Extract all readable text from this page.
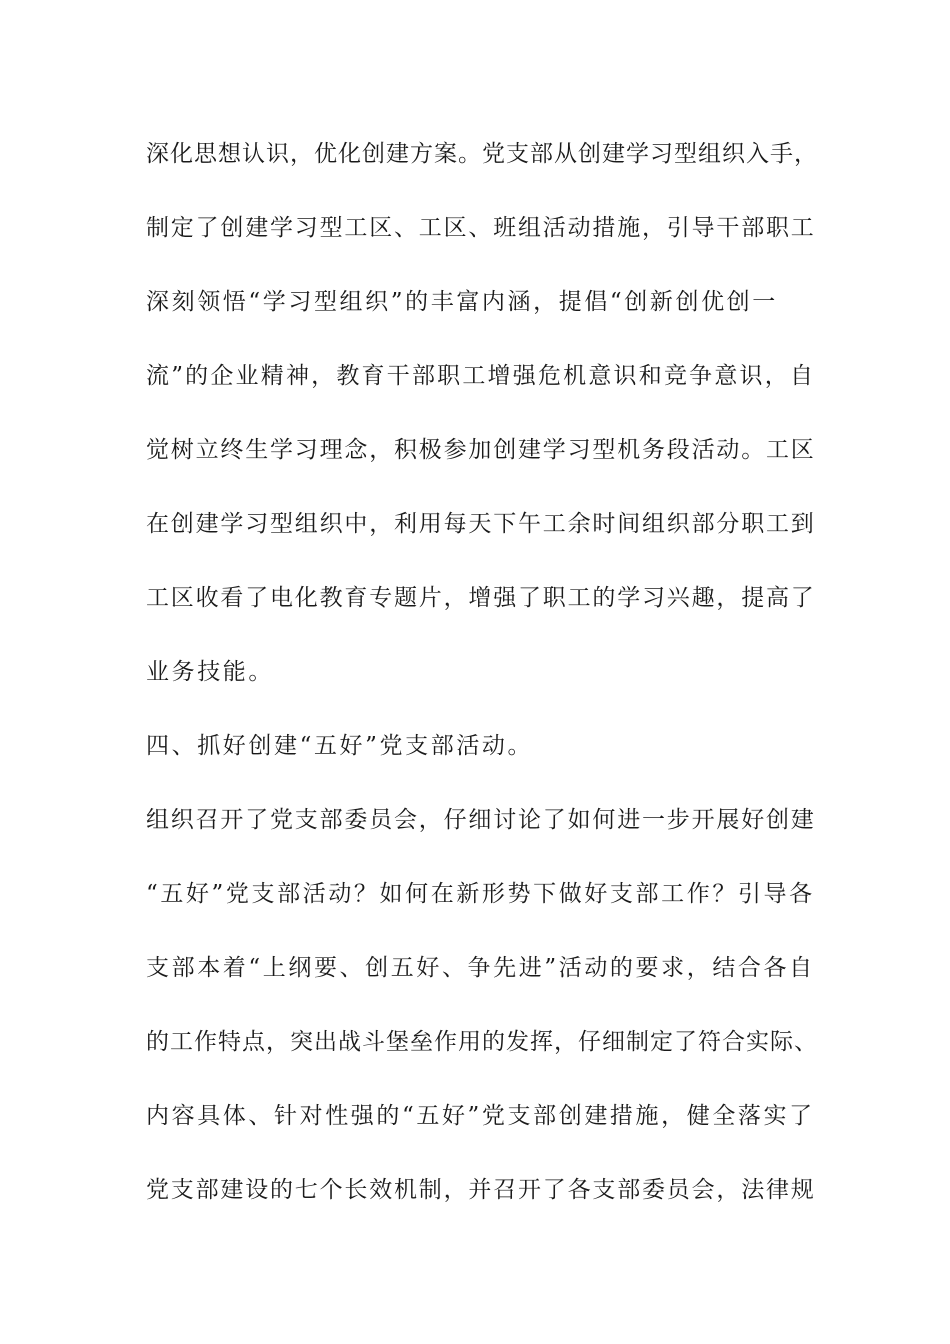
深化思想认识，优化创建方案。党支部从创建学习型组织入手，

制定了创建学习型工区、工区、班组活动措施，引导干部职工

深刻领悟“学习型组织”的丰富内涵，提倡“创新创优创一

流”的企业精神，教育干部职工增强危机意识和竞争意识，自

觉树立终生学习理念，积极参加创建学习型机务段活动。工区

在创建学习型组织中，利用每天下午工余时间组织部分职工到

工区收看了电化教育专题片，增强了职工的学习兴趣，提高了

业务技能。

四、抓好创建“五好”党支部活动。

组织召开了党支部委员会，仔细讨论了如何进一步开展好创建

“五好”党支部活动？如何在新形势下做好支部工作？引导各

支部本着“上纲要、创五好、争先进”活动的要求，结合各自

的工作特点，突出战斗堡垒作用的发挥，仔细制定了符合实际、

内容具体、针对性强的“五好”党支部创建措施，健全落实了

党支部建设的七个长效机制，并召开了各支部委员会，法律规
